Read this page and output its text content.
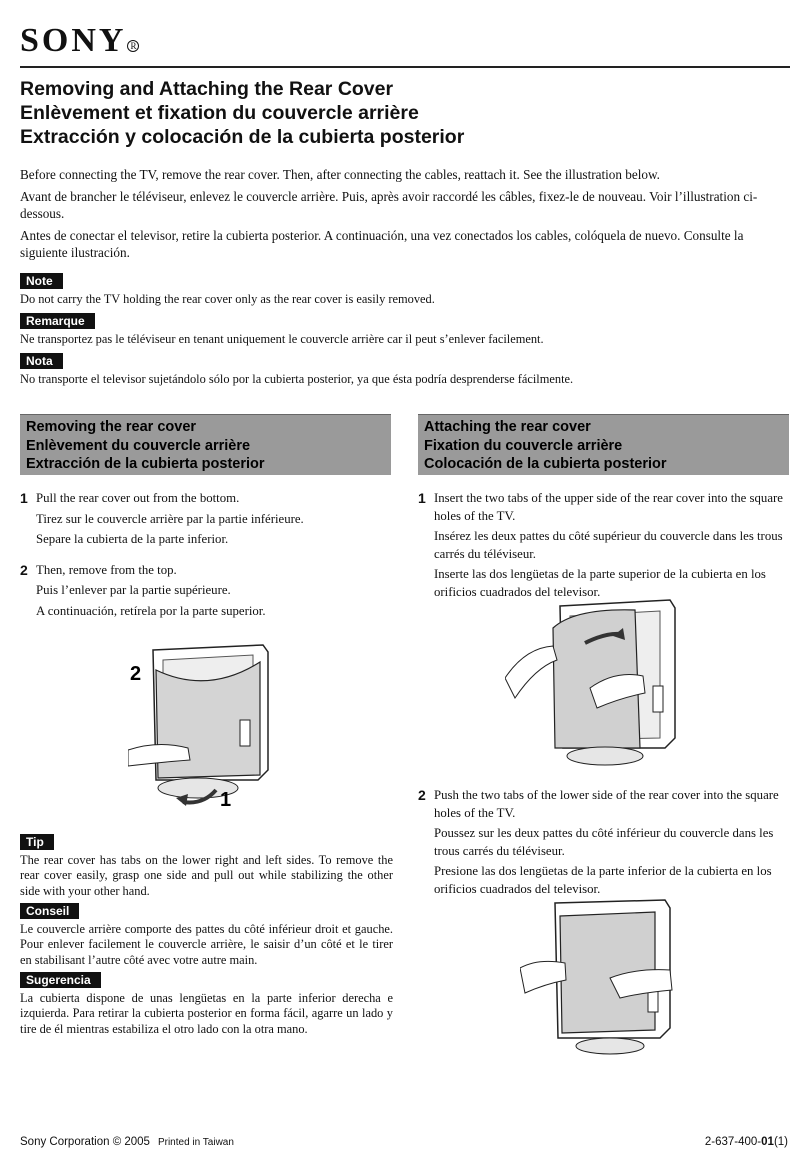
SONY $^R$
Removing and Attaching the Rear Cover
Enlèvement et fixation du couvercle arrière
Extracción y colocación de la cubierta posterior

Before connecting the TV, remove the rear cover. Then, after connecting the cables, reattach it. See the illustration below.

Avant de brancher le téléviseur, enlevez le couvercle arrière. Puis, après avoir raccordé les câbles, fixez-le de nouveau. Voir l’illustration ci-dessous.

Antes de conectar el televisor, retire la cubierta posterior. A continuación, una vez conectados los cables, colóquela de nuevo. Consulte la siguiente ilustración.

Note

Do not carry the TV holding the rear cover only as the rear cover is easily removed.

Remarque

Ne transportez pas le téléviseur en tenant uniquement le couvercle arrière car il peut s’enlever facilement.

Nota

No transporte el televisor sujetándolo sólo por la cubierta posterior, ya que ésta podría desprenderse fácilmente.

Removing the rear cover
Enlèvement du couvercle arrière
Extracción de la cubierta posterior
Attaching the rear cover
Fixation du couvercle arrière
Colocación de la cubierta posterior
1 Pull the rear cover out from the bottom.

Tirez sur le couvercle arrière par la partie inférieure.

Separe la cubierta de la parte inferior.

2 Then, remove from the top.

Puis l’enlever par la partie supérieure.

A continuación, retírela por la parte superior.

2
1
Tip

The rear cover has tabs on the lower right and left sides. To remove the rear cover easily, grasp one side and pull out while stabilizing the other side with your other hand.

Conseil

Le couvercle arrière comporte des pattes du côté inférieur droit et gauche. Pour enlever facilement le couvercle arrière, le saisir d’un côté et le tirer en stabilisant l’autre côté avec votre autre main.

Sugerencia

La cubierta dispone de unas lengüetas en la parte inferior derecha e izquierda. Para retirar la cubierta posterior en forma fácil, agarre un lado y tire de él mientras estabiliza el otro lado con la otra mano.

1 Insert the two tabs of the upper side of the rear cover into the square holes of the TV.

Insérez les deux pattes du côté supérieur du couvercle dans les trous carrés du téléviseur.

Inserte las dos lengüetas de la parte superior de la cubierta en los orificios cuadrados del televisor.

2 Push the two tabs of the lower side of the rear cover into the square holes of the TV.

Poussez sur les deux pattes du côté inférieur du couvercle dans les trous carrés du téléviseur.

Presione las dos lengüetas de la parte inferior de la cubierta en los orificios cuadrados del televisor.

Sony Corporation © 2005 Printed in Taiwan	2-637-400-01(1)
